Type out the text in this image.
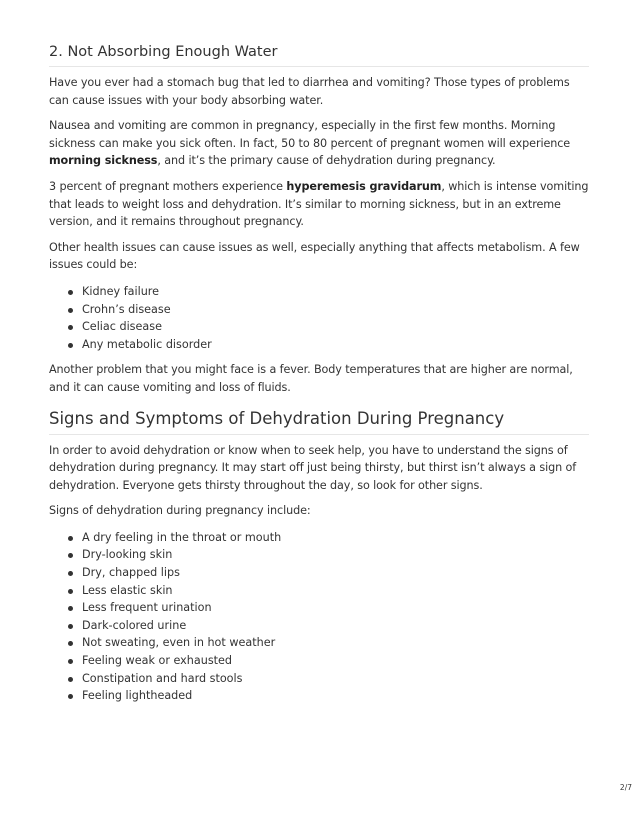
2. Not Absorbing Enough Water

Have you ever had a stomach bug that led to diarrhea and vomiting? Those types of problems can cause issues with your body absorbing water.

Nausea and vomiting are common in pregnancy, especially in the first few months. Morning sickness can make you sick often. In fact, 50 to 80 percent of pregnant women will experience morning sickness, and it’s the primary cause of dehydration during pregnancy.

3 percent of pregnant mothers experience hyperemesis gravidarum, which is intense vomiting that leads to weight loss and dehydration. It’s similar to morning sickness, but in an extreme version, and it remains throughout pregnancy.

Other health issues can cause issues as well, especially anything that affects metabolism. A few issues could be:

Kidney failure
Crohn’s disease
Celiac disease
Any metabolic disorder

Another problem that you might face is a fever. Body temperatures that are higher are normal, and it can cause vomiting and loss of fluids.

Signs and Symptoms of Dehydration During Pregnancy

In order to avoid dehydration or know when to seek help, you have to understand the signs of dehydration during pregnancy. It may start off just being thirsty, but thirst isn’t always a sign of dehydration. Everyone gets thirsty throughout the day, so look for other signs.

Signs of dehydration during pregnancy include:

A dry feeling in the throat or mouth
Dry-looking skin
Dry, chapped lips
Less elastic skin
Less frequent urination
Dark-colored urine
Not sweating, even in hot weather
Feeling weak or exhausted
Constipation and hard stools
Feeling lightheaded
2/7
